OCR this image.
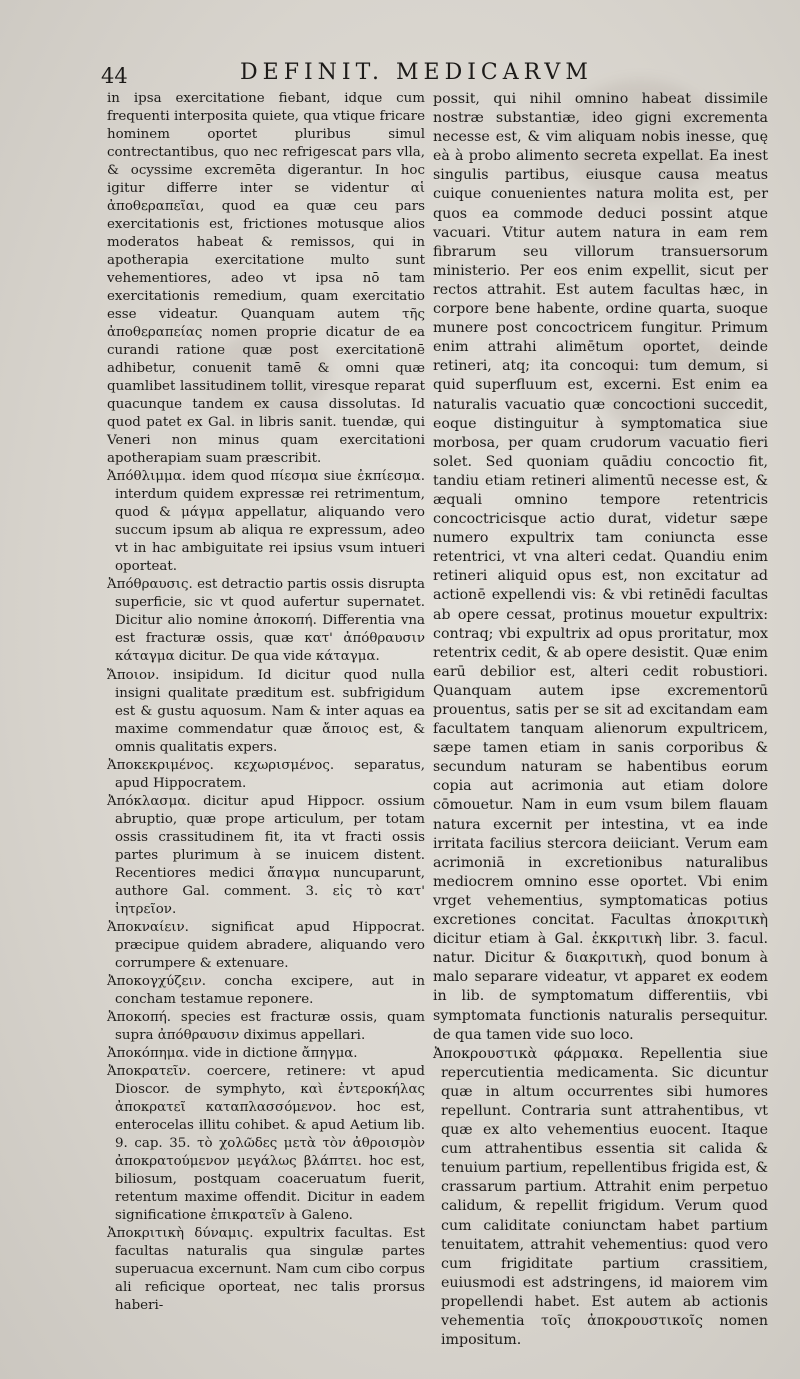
44	DEFINIT. MEDICARVM

in ipsa exercitatione fiebant, idque cum frequenti interposita quiete, qua vtique fricare hominem oportet pluribus simul contrectantibus, quo nec refrigescat pars vlla, & ocyssime excremēta digerantur. In hoc igitur differre inter se videntur αἱ ἀποθεραπεῖαι, quod ea quæ ceu pars exercitationis est, frictiones motusque alios moderatos habeat & remissos, qui in apotherapia exercitatione multo sunt vehementiores, adeo vt ipsa nō tam exercitationis remedium, quam exercitatio esse videatur. Quanquam autem τῆς ἀποθεραπείας nomen proprie dicatur de ea curandi ratione quæ post exercitationē adhibetur, conuenit tamē & omni quæ quamlibet lassitudinem tollit, viresque reparat quacunque tandem ex causa dissolutas. Id quod patet ex Gal. in libris sanit. tuendæ, qui Veneri non minus quam exercitationi apotherapiam suam præscribit.

Ἀπόθλιμμα. idem quod πίεσμα siue ἐκπίεσμα. interdum quidem expressæ rei retrimentum, quod & μάγμα appellatur, aliquando vero succum ipsum ab aliqua re expressum, adeo vt in hac ambiguitate rei ipsius vsum intueri oporteat.

Ἀπόθραυσις. est detractio partis ossis disrupta superficie, sic vt quod aufertur supernatet. Dicitur alio nomine ἀποκοπή. Differentia vna est fracturæ ossis, quæ κατ' ἀπόθραυσιν κάταγμα dicitur. De qua vide κάταγμα.

Ἄποιον. insipidum. Id dicitur quod nulla insigni qualitate præditum est. subfrigidum est & gustu aquosum. Nam & inter aquas ea maxime commendatur quæ ἄποιος est, & omnis qualitatis expers.

Ἀποκεκριμένος. κεχωρισμένος. separatus, apud Hippocratem.

Ἀπόκλασμα. dicitur apud Hippocr. ossium abruptio, quæ prope articulum, per totam ossis crassitudinem fit, ita vt fracti ossis partes plurimum à se inuicem distent. Recentiores medici ἄπαγμα nuncuparunt, authore Gal. comment. 3. εἰς τὸ κατ' ἰητρεῖον.

Ἀποκναίειν. significat apud Hippocrat. præcipue quidem abradere, aliquando vero corrumpere & extenuare.

Ἀποκογχύζειν. concha excipere, aut in concham testamue reponere.

Ἀποκοπή. species est fracturæ ossis, quam supra ἀπόθραυσιν diximus appellari.

Ἀποκόπημα. vide in dictione ἄπηγμα.

Ἀποκρατεῖν. coercere, retinere: vt apud Dioscor. de symphyto, καὶ ἐντεροκήλας ἀποκρατεῖ καταπλασσόμενον. hoc est, enterocelas illitu cohibet. & apud Aetium lib. 9. cap. 35. τὸ χολῶδες μετὰ τὸν ἀθροισμὸν ἀποκρατούμενον μεγάλως βλάπτει. hoc est, biliosum, postquam coaceruatum fuerit, retentum maxime offendit. Dicitur in eadem significatione ἐπικρατεῖν à Galeno.

Ἀποκριτικὴ δύναμις. expultrix facultas. Est facultas naturalis qua singulæ partes superuacua excernunt. Nam cum cibo corpus ali reficique oporteat, nec talis prorsus haberi-

possit, qui nihil omnino habeat dissimile nostræ substantiæ, ideo gigni excrementa necesse est, & vim aliquam nobis inesse, quę eà à probo alimento secreta expellat. Ea inest singulis partibus, eiusque causa meatus cuique conuenientes natura molita est, per quos ea commode deduci possint atque vacuari. Vtitur autem natura in eam rem fibrarum seu villorum transuersorum ministerio. Per eos enim expellit, sicut per rectos attrahit. Est autem facultas hæc, in corpore bene habente, ordine quarta, suoque munere post concoctricem fungitur. Primum enim attrahi alimētum oportet, deinde retineri, atq; ita concoqui: tum demum, si quid superfluum est, excerni. Est enim ea naturalis vacuatio quæ concoctioni succedit, eoque distinguitur à symptomatica siue morbosa, per quam crudorum vacuatio fieri solet. Sed quoniam quādiu concoctio fit, tandiu etiam retineri alimentū necesse est, & æquali omnino tempore retentricis concoctricisque actio durat, videtur sæpe numero expultrix tam coniuncta esse retentrici, vt vna alteri cedat. Quandiu enim retineri aliquid opus est, non excitatur ad actionē expellendi vis: & vbi retinēdi facultas ab opere cessat, protinus mouetur expultrix: contraq; vbi expultrix ad opus proritatur, mox retentrix cedit, & ab opere desistit. Quæ enim earū debilior est, alteri cedit robustiori. Quanquam autem ipse excrementorū prouentus, satis per se sit ad excitandam eam facultatem tanquam alienorum expultricem, sæpe tamen etiam in sanis corporibus & secundum naturam se habentibus eorum copia aut acrimonia aut etiam dolore cōmouetur. Nam in eum vsum bilem flauam natura excernit per intestina, vt ea inde irritata facilius stercora deiiciant. Verum eam acrimoniā in excretionibus naturalibus mediocrem omnino esse oportet. Vbi enim vrget vehementius, symptomaticas potius excretiones concitat. Facultas ἀποκριτικὴ dicitur etiam à Gal. ἐκκριτικὴ libr. 3. facul. natur. Dicitur & διακριτικὴ, quod bonum à malo separare videatur, vt apparet ex eodem in lib. de symptomatum differentiis, vbi symptomata functionis naturalis persequitur. de qua tamen vide suo loco.

Ἀποκρουστικὰ φάρμακα. Repellentia siue repercutientia medicamenta. Sic dicuntur quæ in altum occurrentes sibi humores repellunt. Contraria sunt attrahentibus, vt quæ ex alto vehementius euocent. Itaque cum attrahentibus essentia sit calida & tenuium partium, repellentibus frigida est, & crassarum partium. Attrahit enim perpetuo calidum, & repellit frigidum. Verum quod cum caliditate coniunctam habet partium tenuitatem, attrahit vehementius: quod vero cum frigiditate partium crassitiem, euiusmodi est adstringens, id maiorem vim propellendi habet. Est autem ab actionis vehementia τοῖς ἀποκρουστικοῖς nomen impositum.
